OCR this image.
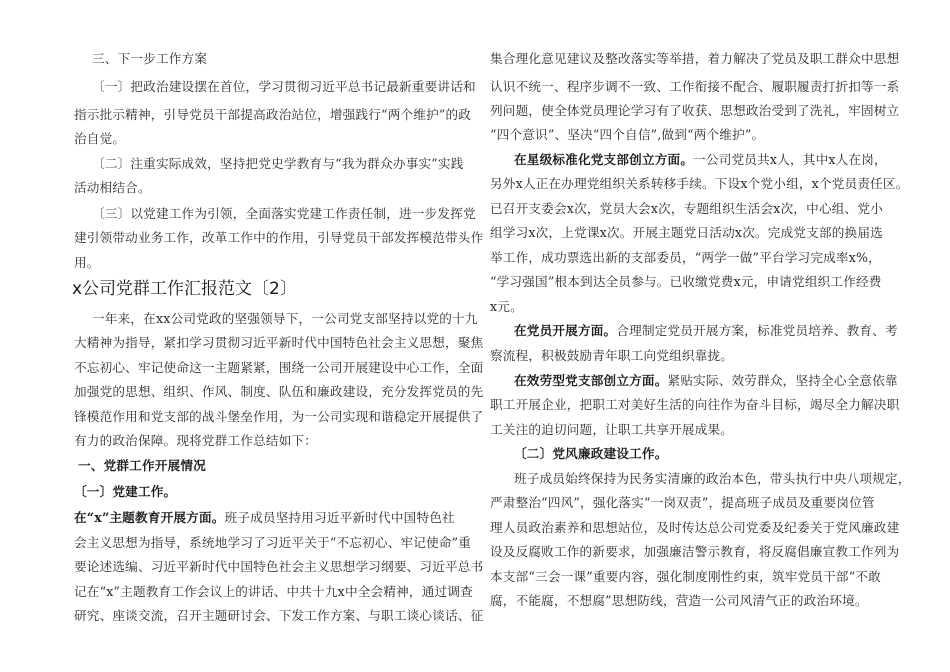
三、下一步工作方案
〔一〕把政治建设摆在首位，学习贯彻习近平总书记最新重要讲话和
指示批示精神，引导党员干部提高政治站位，增强践行“两个维护”的政
治自觉。
〔二〕注重实际成效，坚持把党史学教育与“我为群众办事实”实践
活动相结合。
〔三〕以党建工作为引领，全面落实党建工作责任制，进一步发挥党
建引领带动业务工作，改革工作中的作用，引导党员干部发挥模范带头作
用。
x公司党群工作汇报范文〔2〕
一年来，在xx公司党政的坚强领导下，一公司党支部坚持以党的十九
大精神为指导，紧扣学习贯彻习近平新时代中国特色社会主义思想，聚焦
不忘初心、牢记使命这一主题紧紧，围绕一公司开展建设中心工作，全面
加强党的思想、组织、作风、制度、队伍和廉政建设，充分发挥党员的先
锋模范作用和党支部的战斗堡垒作用，为一公司实现和谐稳定开展提供了
有力的政治保障。现将党群工作总结如下：
一、党群工作开展情况
〔一〕党建工作。
在“x”主题教育开展方面。班子成员坚持用习近平新时代中国特色社
会主义思想为指导，系统地学习了习近平关于“不忘初心、牢记使命”重
要论述选编、习近平新时代中国特色社会主义思想学习纲要、习近平总书
记在“x”主题教育工作会议上的讲话、中共十九x中全会精神，通过调查
研究、座谈交流，召开主题研讨会、下发工作方案、与职工谈心谈话、征
集合理化意见建议及整改落实等举措，着力解决了党员及职工群众中思想
认识不统一、程序步调不一致、工作衔接不配合、履职履责打折扣等一系
列问题，使全体党员理论学习有了收获、思想政治受到了洗礼，牢固树立
“四个意识”、坚决“四个自信”,做到“两个维护”。
在星级标准化党支部创立方面。一公司党员共x人，其中x人在岗，
另外x人正在办理党组织关系转移手续。下设x个党小组，x个党员责任区。
已召开支委会x次，党员大会x次，专题组织生活会x次，中心组、党小
组学习x次，上党课x次。开展主题党日活动x次。完成党支部的换届选
举工作，成功票选出新的支部委员，“两学一做”平台学习完成率x%，
“学习强国”根本到达全员参与。已收缴党费x元，申请党组织工作经费
x元。
在党员开展方面。合理制定党员开展方案，标准党员培养、教育、考
察流程，积极鼓励青年职工向党组织靠拢。
在效劳型党支部创立方面。紧贴实际、效劳群众，坚持全心全意依靠
职工开展企业，把职工对美好生活的向往作为奋斗目标，竭尽全力解决职
工关注的迫切问题，让职工共享开展成果。
〔二〕党风廉政建设工作。
班子成员始终保持为民务实清廉的政治本色，带头执行中央八项规定，
严肃整治“四风”，强化落实“一岗双责”，提高班子成员及重要岗位管
理人员政治素养和思想站位，及时传达总公司党委及纪委关于党风廉政建
设及反腐败工作的新要求，加强廉洁警示教育，将反腐倡廉宣教工作列为
本支部“三会一课”重要内容，强化制度刚性约束，筑牢党员干部“不敢
腐，不能腐，不想腐”思想防线，营造一公司风清气正的政治环境。
